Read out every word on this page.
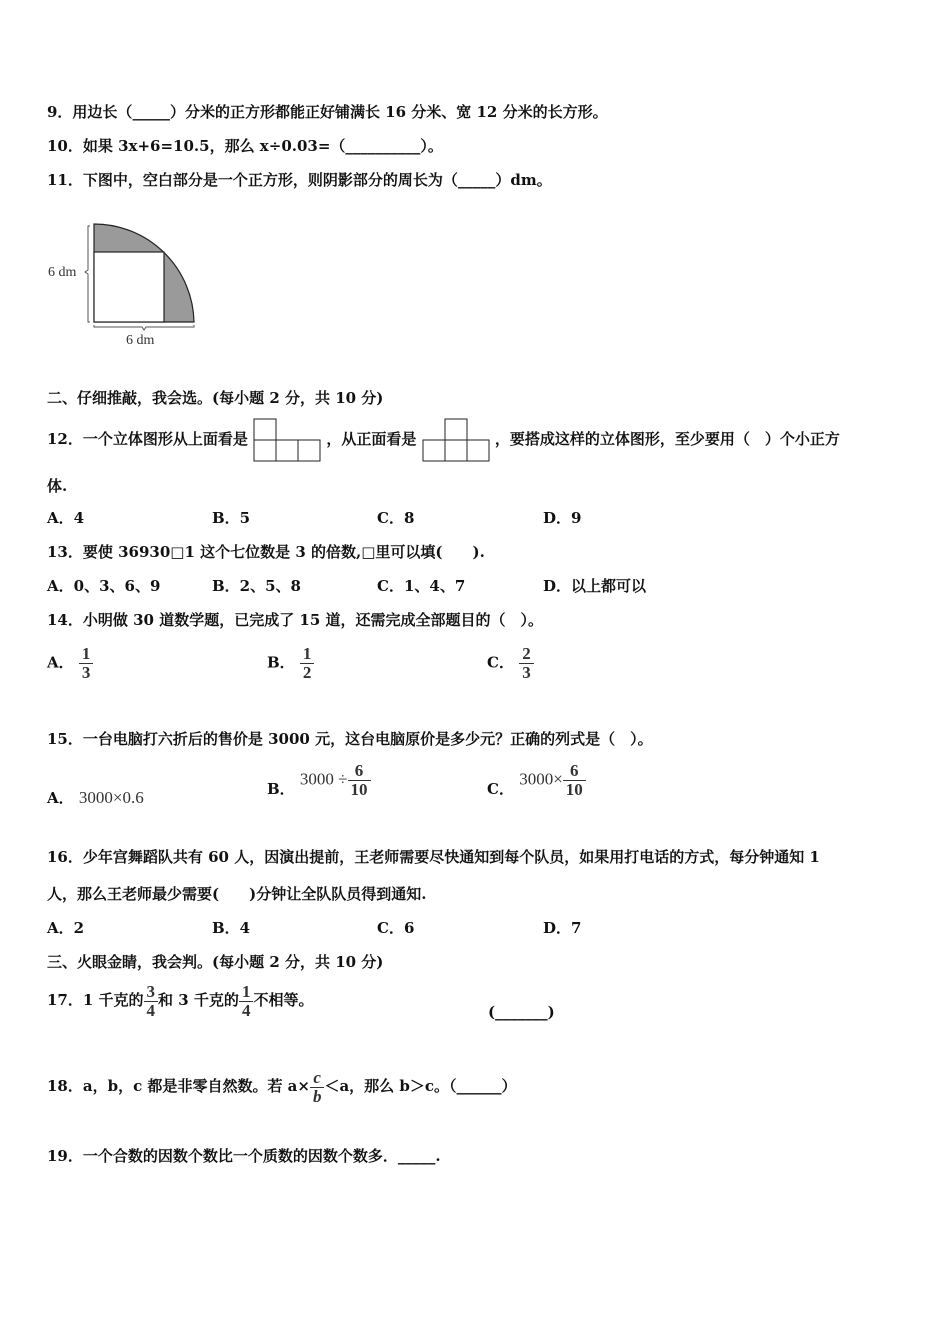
9．用边长（_____）分米的正方形都能正好铺满长 16 分米、宽 12 分米的长方形。
10．如果 3x+6=10.5，那么 x÷0.03=（__________）。
11．下图中，空白部分是一个正方形，则阴影部分的周长为（_____）dm。
6 dm
6 dm
二、仔细推敲，我会选。(每小题 2 分，共 10 分)
12．一个立体图形从上面看是	，从正面看是	，要搭成这样的立体图形，至少要用（　）个小正方
体.
A．4	B．5	C．8	D．9
13．要使 36930□1 这个七位数是 3 的倍数,□里可以填(　　).
A．0、3、6、9	B．2、5、8	C．1、4、7	D．以上都可以
14．小明做 30 道数学题，已完成了 15 道，还需完成全部题目的（　）。
A． $\frac{1}{3}$	B． $\frac{1}{2}$	C． $\frac{2}{3}$
15．一台电脑打六折后的售价是 3000 元，这台电脑原价是多少元？正确的列式是（　）。
A． 3000×0.6	B． $3000 \div \frac{6}{10}$	C． $3000\times \frac{6}{10}$
16．少年宫舞蹈队共有 60 人，因演出提前，王老师需要尽快通知到每个队员，如果用打电话的方式，每分钟通知 1
人，那么王老师最少需要(　　)分钟让全队队员得到通知.
A．2	B．4	C．6	D．7
三、火眼金睛，我会判。(每小题 2 分，共 10 分)
17．1 千克的 $\frac{3}{4}$ 和 3 千克的 $\frac{1}{4}$ 不相等。
(_______)
18．a，b，c 都是非零自然数。若 $a\times \frac{c}{b} <a$，那么 b＞c。（______）
19．一个合数的因数个数比一个质数的因数个数多．_____.
